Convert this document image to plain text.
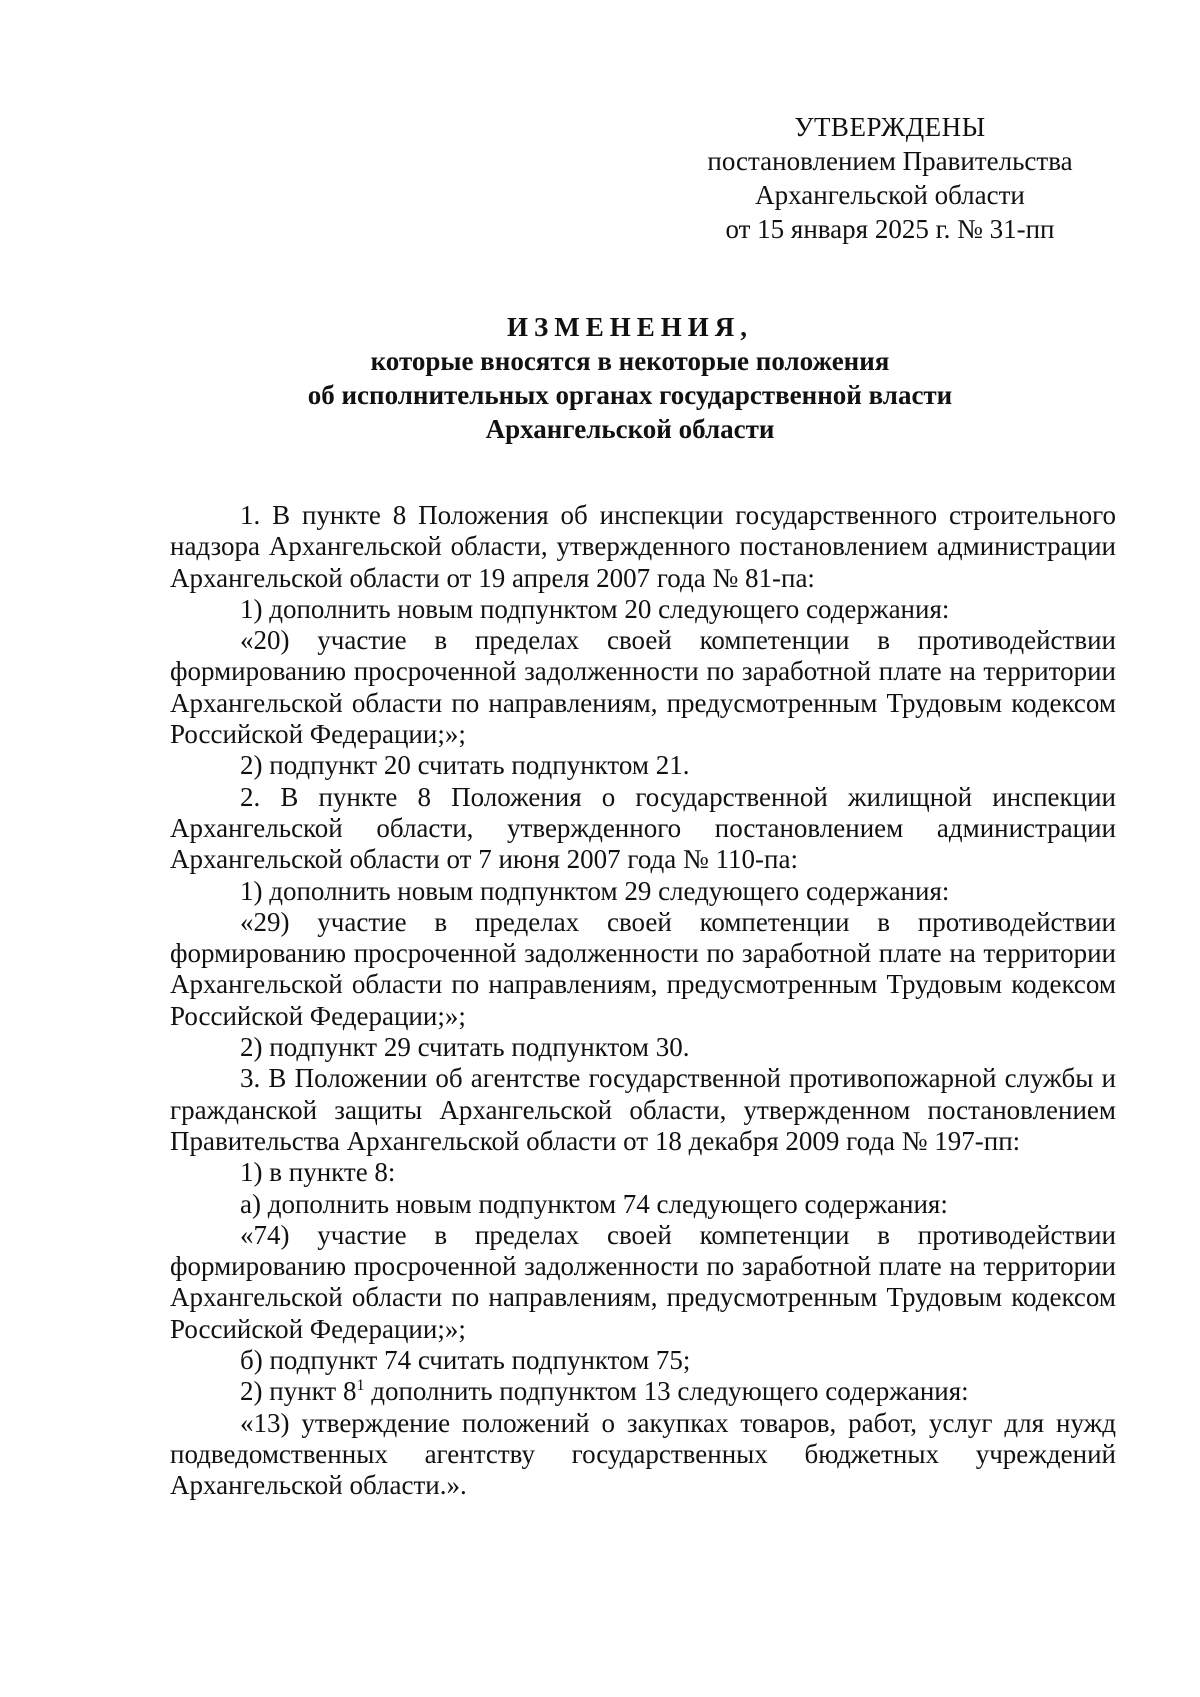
УТВЕРЖДЕНЫ
постановлением Правительства
Архангельской области
от 15 января 2025 г. № 31-пп
ИЗМЕНЕНИЯ,
которые вносятся в некоторые положения
об исполнительных органах государственной власти
Архангельской области

1. В пункте 8 Положения об инспекции государственного строительного надзора Архангельской области, утвержденного постановлением администрации Архангельской области от 19 апреля 2007 года № 81-па:

1) дополнить новым подпунктом 20 следующего содержания:

«20) участие в пределах своей компетенции в противодействии формированию просроченной задолженности по заработной плате на территории Архангельской области по направлениям, предусмотренным Трудовым кодексом Российской Федерации;»;

2) подпункт 20 считать подпунктом 21.

2. В пункте 8 Положения о государственной жилищной инспекции Архангельской области, утвержденного постановлением администрации Архангельской области от 7 июня 2007 года № 110-па:

1) дополнить новым подпунктом 29 следующего содержания:

«29) участие в пределах своей компетенции в противодействии формированию просроченной задолженности по заработной плате на территории Архангельской области по направлениям, предусмотренным Трудовым кодексом Российской Федерации;»;

2) подпункт 29 считать подпунктом 30.

3. В Положении об агентстве государственной противопожарной службы и гражданской защиты Архангельской области, утвержденном постановлением Правительства Архангельской области от 18 декабря 2009 года № 197-пп:

1) в пункте 8:

а) дополнить новым подпунктом 74 следующего содержания:

«74) участие в пределах своей компетенции в противодействии формированию просроченной задолженности по заработной плате на территории Архангельской области по направлениям, предусмотренным Трудовым кодексом Российской Федерации;»;

б) подпункт 74 считать подпунктом 75;

2) пункт $8^1$ дополнить подпунктом 13 следующего содержания:

«13) утверждение положений о закупках товаров, работ, услуг для нужд подведомственных агентству государственных бюджетных учреждений Архангельской области.».
